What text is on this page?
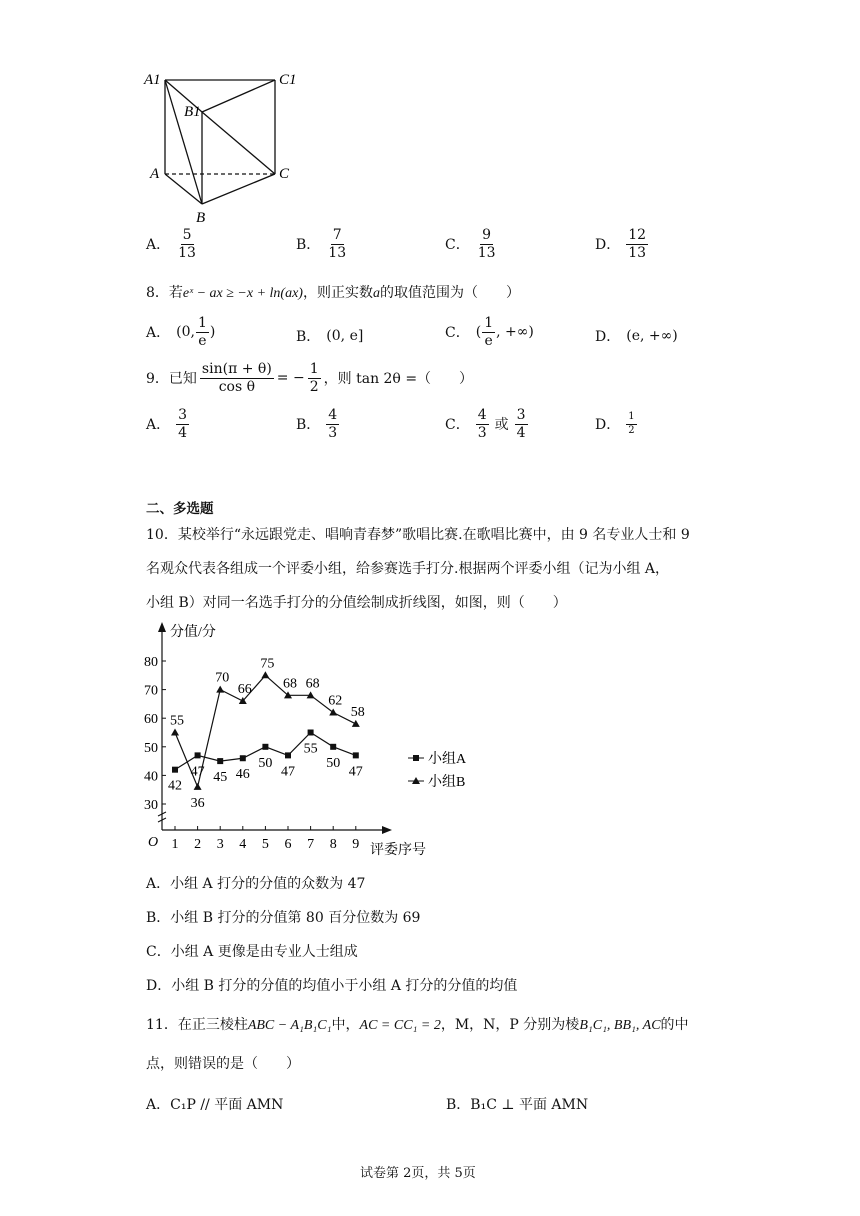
A1
B1
C1
A
B
C
A． $\frac{5}{13}$	B． $\frac{7}{13}$	C． $\frac{9}{13}$	D． $\frac{12}{13}$
8．若eˣ − ax ≥ −x + ln(ax)，则正实数a的取值范围为（　　）
A． (0, $\frac{1}{e}$ )	B． (0, e]	C． ( $\frac{1}{e}$ , +∞)	D． (e, +∞)
9．已知 $\frac{\sin(\pi + \theta)}{\text{cos θ}}$ = − $\frac{1}{2}$ ，则 tan 2θ =（　　）
A． $\frac{3}{4}$	B． $\frac{4}{3}$	C． $\frac{4}{3}$ 或 $\frac{3}{4}$	D． $\frac{1}{2}$
二、多选题
10．某校举行“永远跟党走、唱响青春梦”歌唱比赛.在歌唱比赛中，由 9 名专业人士和 9
名观众代表各组成一个评委小组，给参赛选手打分.根据两个评委小组（记为小组 A，
小组 B）对同一名选手打分的分值绘制成折线图，如图，则（　　）
分值/分
评委序号
O
30
40
50
60
70
80
1 2 3 4 5 6 7 8 9
42
47 45 46
50
47
55
50
47
55
36
70
66
75
68 68
62
58
小组A
小组B
A．小组 A 打分的分值的众数为 47
B．小组 B 打分的分值第 80 百分位数为 69
C．小组 A 更像是由专业人士组成
D．小组 B 打分的分值的均值小于小组 A 打分的分值的均值
11．在正三棱柱ABC − A₁B₁C₁中，AC = CC₁ = 2，M，N，P 分别为棱B₁C₁, BB₁, AC的中
点，则错误的是（　　）
A．C₁P // 平面 AMN	B．B₁C ⊥ 平面 AMN
试卷第 2页，共 5页
